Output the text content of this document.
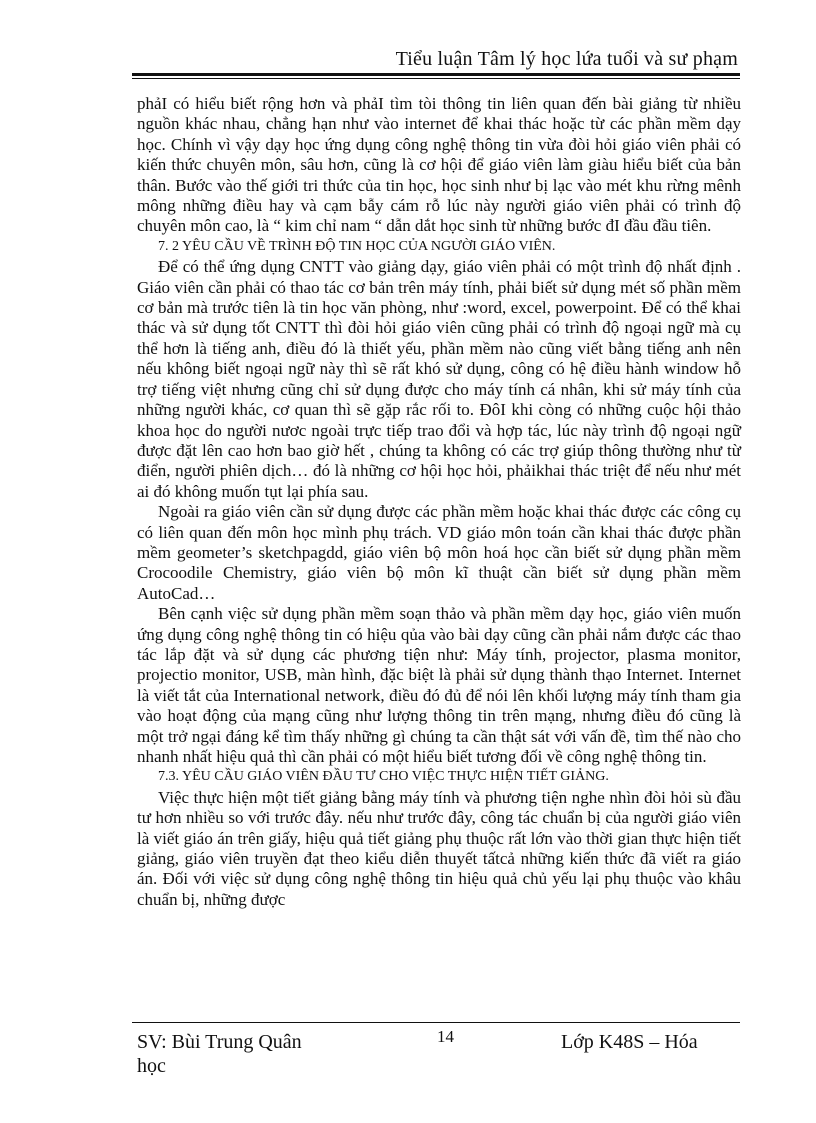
Tiểu luận Tâm lý học lứa tuổi và sư phạm

phảI có hiểu biết rộng hơn và phảI tìm tòi thông tin liên quan đến bài giảng từ nhiều nguồn khác nhau, chẳng hạn như vào internet để khai thác hoặc từ các phần mềm dạy học. Chính vì vậy dạy học ứng dụng công nghệ thông tin vừa đòi hỏi giáo viên phải có kiến thức chuyên môn, sâu hơn, cũng là cơ hội để giáo viên làm giàu hiểu biết của bản thân. Bước vào thế giới tri thức của tin học, học sinh như bị lạc vào mét khu rừng mênh mông những điều hay và cạm bẫy cám rỗ lúc này người giáo viên phải có trình độ chuyên môn cao, là “ kim chỉ nam “ dẫn dắt học sinh từ những bước đI đầu đầu tiên.

7. 2 YÊU CẦU VỀ TRÌNH ĐỘ TIN HỌC CỦA NGƯỜI GIÁO VIÊN.

Để có thể ứng dụng CNTT vào giảng dạy, giáo viên phải có một trình độ nhất định . Giáo viên cần phải có thao tác cơ bản trên máy tính, phải biết sử dụng mét số phần mềm cơ bản mà trước tiên là tin học văn phòng, như :word, excel, powerpoint. Để có thể khai thác và sử dụng tốt CNTT thì đòi hỏi giáo viên cũng phải có trình độ ngoại ngữ mà cụ thể hơn là tiếng anh, điều đó là thiết yếu, phần mềm nào cũng viết bằng tiếng anh nên nếu không biết ngoại ngữ này thì sẽ rất khó sử dụng, công có hệ điều hành window hỗ trợ tiếng việt nhưng cũng chỉ sử dụng được cho máy tính cá nhân, khi sử máy tính của những người khác, cơ quan thì sẽ gặp rắc rối to. ĐôI khi còng có những cuộc hội thảo khoa học do người nươc ngoài trực tiếp trao đổi và hợp tác, lúc này trình độ ngoại ngữ được đặt lên cao hơn bao giờ hết , chúng ta không có các trợ giúp thông thường như từ điển, người phiên dịch… đó là những cơ hội học hỏi, phảikhai thác triệt để nếu như mét ai đó không muốn tụt lại phía sau.

Ngoài ra giáo viên cần sử dụng được các phần mềm hoặc khai thác được các công cụ có liên quan đến môn học mình phụ trách. VD giáo môn toán cần khai thác được phần mềm geometer’s sketchpagdd, giáo viên bộ môn hoá học cần biết sử dụng phần mềm Crocoodile Chemistry, giáo viên bộ môn kĩ thuật cần biết sử dụng phần mềm AutoCad…

Bên cạnh việc sử dụng phần mềm soạn thảo và phần mềm dạy học, giáo viên muốn ứng dụng công nghệ thông tin có hiệu qủa vào bài dạy cũng cần phải nắm được các thao tác lắp đặt và sử dụng các phương tiện như: Máy tính, projector, plasma monitor, projectio monitor, USB, màn hình, đặc biệt là phải sử dụng thành thạo Internet. Internet là viết tắt của International network, điều đó đủ để nói lên khối lượng máy tính tham gia vào hoạt động của mạng cũng như lượng thông tin trên mạng, nhưng điều đó cũng là một trở ngại đáng kể tìm thấy những gì chúng ta cần thật sát với vấn đề, tìm thế nào cho nhanh nhất hiệu quả thì cần phải có một hiểu biết tương đối về công nghệ thông tin.

7.3. YÊU CẦU GIÁO VIÊN ĐẦU TƯ CHO VIỆC THỰC HIỆN TIẾT GIẢNG.

Việc thực hiện một tiết giảng bằng máy tính và phương tiện nghe nhìn đòi hỏi sù đầu tư hơn nhiều so với trước đây. nếu như trước đây, công tác chuẩn bị của người giáo viên là viết giáo án trên giấy, hiệu quả tiết giảng phụ thuộc rất lớn vào thời gian thực hiện tiết giảng, giáo viên truyền đạt theo kiểu diễn thuyết tấtcả những kiến thức đã viết ra giáo án. Đối với việc sử dụng công nghệ thông tin hiệu quả chủ yếu lại phụ thuộc vào khâu chuẩn bị, những được

SV: Bùi Trung Quân
học
14	Lớp K48S – Hóa
